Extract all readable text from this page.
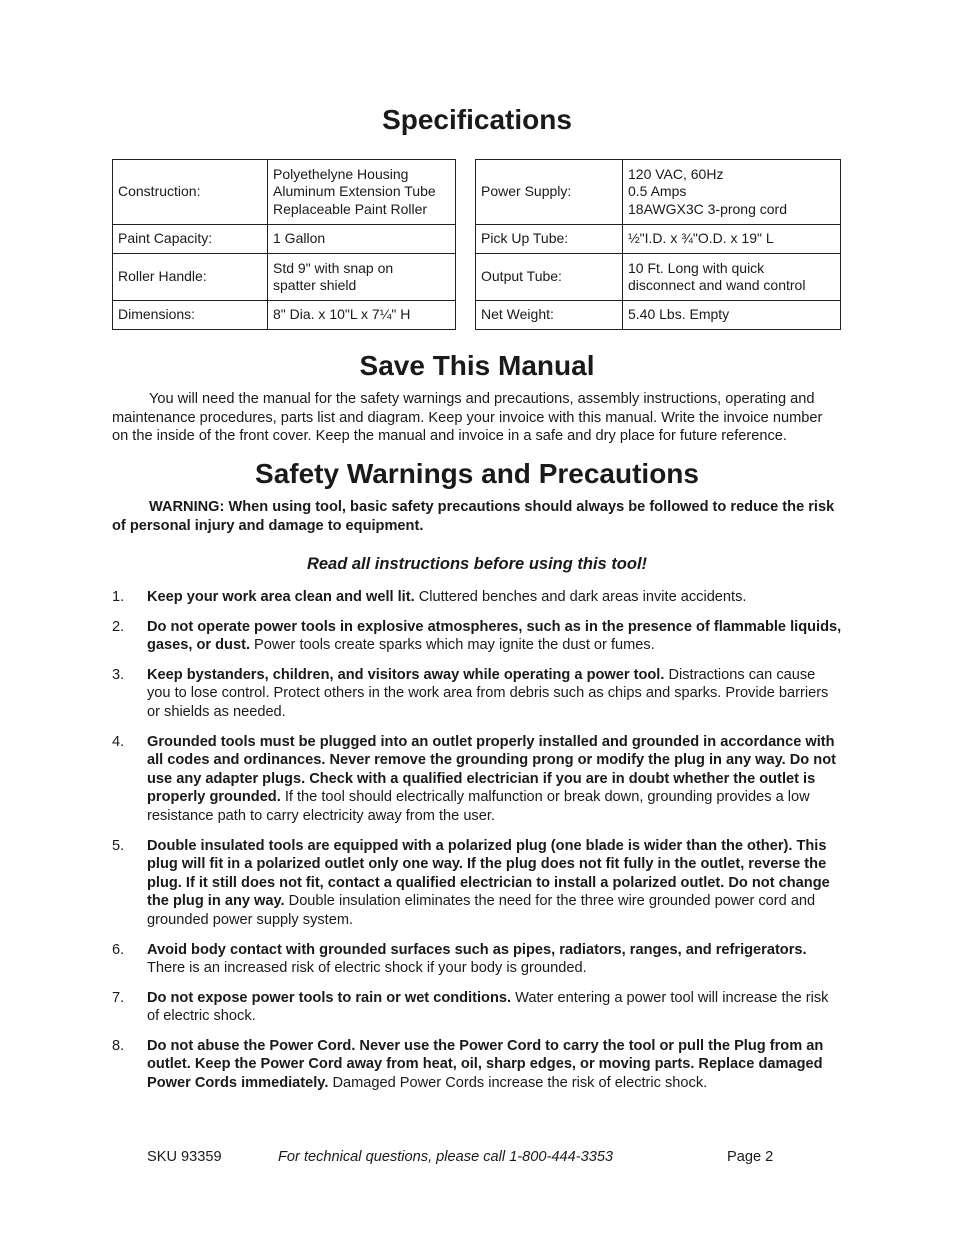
Specifications
Construction:	Polyethelyne Housing
Aluminum Extension Tube
Replaceable Paint Roller

Paint Capacity:	1 Gallon

Roller Handle:	Std 9" with snap on
spatter shield

Dimensions:	8" Dia. x 10"L x 7¼" H
Power Supply:	120 VAC, 60Hz
0.5 Amps
18AWGX3C 3-prong cord

Pick Up Tube:	½"I.D. x ¾"O.D. x 19" L

Output Tube:	10 Ft. Long with quick
disconnect and wand control

Net Weight:	5.40 Lbs. Empty
Save This Manual
You will need the manual for the safety warnings and precautions, assembly instructions, operating and maintenance procedures, parts list and diagram. Keep your invoice with this manual. Write the invoice number on the inside of the front cover. Keep the manual and invoice in a safe and dry place for future reference.
Safety Warnings and Precautions
WARNING: When using tool, basic safety precautions should always be followed to reduce the risk of personal injury and damage to equipment.
Read all instructions before using this tool!
1. Keep your work area clean and well lit. Cluttered benches and dark areas invite accidents.
2. Do not operate power tools in explosive atmospheres, such as in the presence of flammable liquids, gases, or dust. Power tools create sparks which may ignite the dust or fumes.
3. Keep bystanders, children, and visitors away while operating a power tool. Distractions can cause you to lose control. Protect others in the work area from debris such as chips and sparks. Provide barriers or shields as needed.
4. Grounded tools must be plugged into an outlet properly installed and grounded in accordance with all codes and ordinances. Never remove the grounding prong or modify the plug in any way. Do not use any adapter plugs. Check with a qualified electrician if you are in doubt whether the outlet is properly grounded. If the tool should electrically malfunction or break down, grounding provides a low resistance path to carry electricity away from the user.
5. Double insulated tools are equipped with a polarized plug (one blade is wider than the other). This plug will fit in a polarized outlet only one way. If the plug does not fit fully in the outlet, reverse the plug. If it still does not fit, contact a qualified electrician to install a polarized outlet. Do not change the plug in any way. Double insulation eliminates the need for the three wire grounded power cord and grounded power supply system.
6. Avoid body contact with grounded surfaces such as pipes, radiators, ranges, and refrigerators. There is an increased risk of electric shock if your body is grounded.
7. Do not expose power tools to rain or wet conditions. Water entering a power tool will increase the risk of electric shock.
8. Do not abuse the Power Cord. Never use the Power Cord to carry the tool or pull the Plug from an outlet. Keep the Power Cord away from heat, oil, sharp edges, or moving parts. Replace damaged Power Cords immediately. Damaged Power Cords increase the risk of electric shock.
SKU 93359	For technical questions, please call 1-800-444-3353	Page 2
